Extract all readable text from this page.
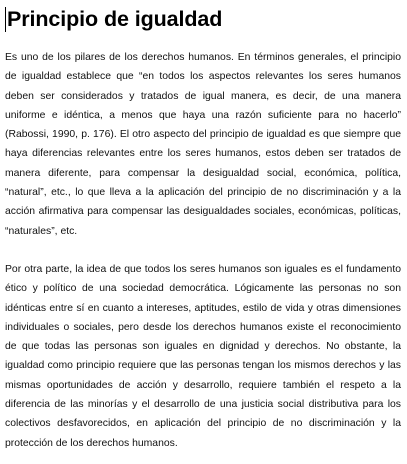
Principio de igualdad

Es uno de los pilares de los derechos humanos. En términos generales, el principio de igualdad establece que “en todos los aspectos relevantes los seres humanos deben ser considerados y tratados de igual manera, es decir, de una manera uniforme e idéntica, a menos que haya una razón suficiente para no hacerlo” (Rabossi, 1990, p. 176). El otro aspecto del principio de igualdad es que siempre que haya diferencias relevantes entre los seres humanos, estos deben ser tratados de manera diferente, para compensar la desigualdad social, económica, política, “natural”, etc., lo que lleva a la aplicación del principio de no discriminación y a la acción afirmativa para compensar las desigualdades sociales, económicas, políticas, “naturales”, etc.

Por otra parte, la idea de que todos los seres humanos son iguales es el fundamento ético y político de una sociedad democrática. Lógicamente las personas no son idénticas entre sí en cuanto a intereses, aptitudes, estilo de vida y otras dimensiones individuales o sociales, pero desde los derechos humanos existe el reconocimiento de que todas las personas son iguales en dignidad y derechos. No obstante, la igualdad como principio requiere que las personas tengan los mismos derechos y las mismas oportunidades de acción y desarrollo, requiere también el respeto a la diferencia de las minorías y el desarrollo de una justicia social distributiva para los colectivos desfavorecidos, en aplicación del principio de no discriminación y la protección de los derechos humanos.
